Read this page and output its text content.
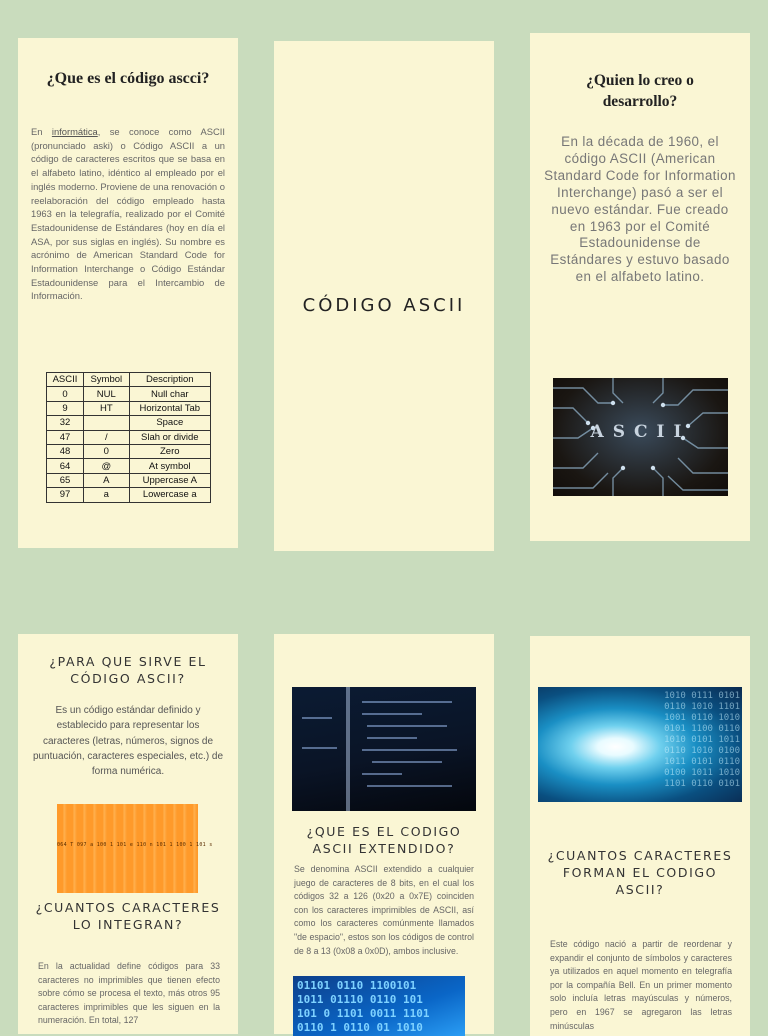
¿Que es el código ascci?
En informática, se conoce como ASCII (pronunciado aski) o Código ASCII a un código de caracteres escritos que se basa en el alfabeto latino, idéntico al empleado por el inglés moderno. Proviene de una renovación o reelaboración del código empleado hasta 1963 en la telegrafía, realizado por el Comité Estadounidense de Estándares (hoy en día el ASA, por sus siglas en inglés). Su nombre es acrónimo de American Standard Code for Information Interchange o Código Estándar Estadounidense para el Intercambio de Información.
ASCII	Symbol	Description
0	NUL	Null char
9	HT	Horizontal Tab
32		Space
47	/	Slah or divide
48	0	Zero
64	@	At symbol
65	A	Uppercase A
97	a	Lowercase a
CÓDIGO ASCII
¿Quien lo creo o desarrollo?
En la década de 1960, el código ASCII (American Standard Code for Information Interchange) pasó a ser el nuevo estándar. Fue creado en 1963 por el Comité Estadounidense de Estándares y estuvo basado en el alfabeto latino.
ASCII
¿PARA QUE SIRVE EL CÓDIGO ASCII?
Es un código estándar definido y establecido para representar los caracteres (letras, números, signos de puntuación, caracteres especiales, etc.) de forma numérica.
064 T 097 a 100 1 101 e 110 n 101 1 100 1 101 s
¿CUANTOS CARACTERES LO INTEGRAN?
En la actualidad define códigos para 33 caracteres no imprimibles que tienen efecto sobre cómo se procesa el texto, más otros 95 caracteres imprimibles que les siguen en la numeración. En total, 127
¿QUE ES EL CODIGO ASCII EXTENDIDO?
Se denomina ASCII extendido a cualquier juego de caracteres de 8 bits, en el cual los códigos 32 a 126 (0x20 a 0x7E) coinciden con los caracteres imprimibles de ASCII, así como los caracteres comúnmente llamados "de espacio", estos son los códigos de control de 8 a 13 (0x08 a 0x0D), ambos inclusive.
01101 0110 1100101
1011 01110 0110 101
101 0 1101 0011 1101
0110 1 0110 01 1010
1010 0111 0101
0110 1010 1101
1001 0110 1010
0101 1100 0110
1010 0101 1011
0110 1010 0100
1011 0101 0110
0100 1011 1010
1101 0110 0101
¿CUANTOS CARACTERES FORMAN EL CODIGO ASCII?
Este código nació a partir de reordenar y expandir el conjunto de símbolos y caracteres ya utilizados en aquel momento en telegrafía por la compañía Bell. En un primer momento solo incluía letras mayúsculas y números, pero en 1967 se agregaron las letras minúsculas
